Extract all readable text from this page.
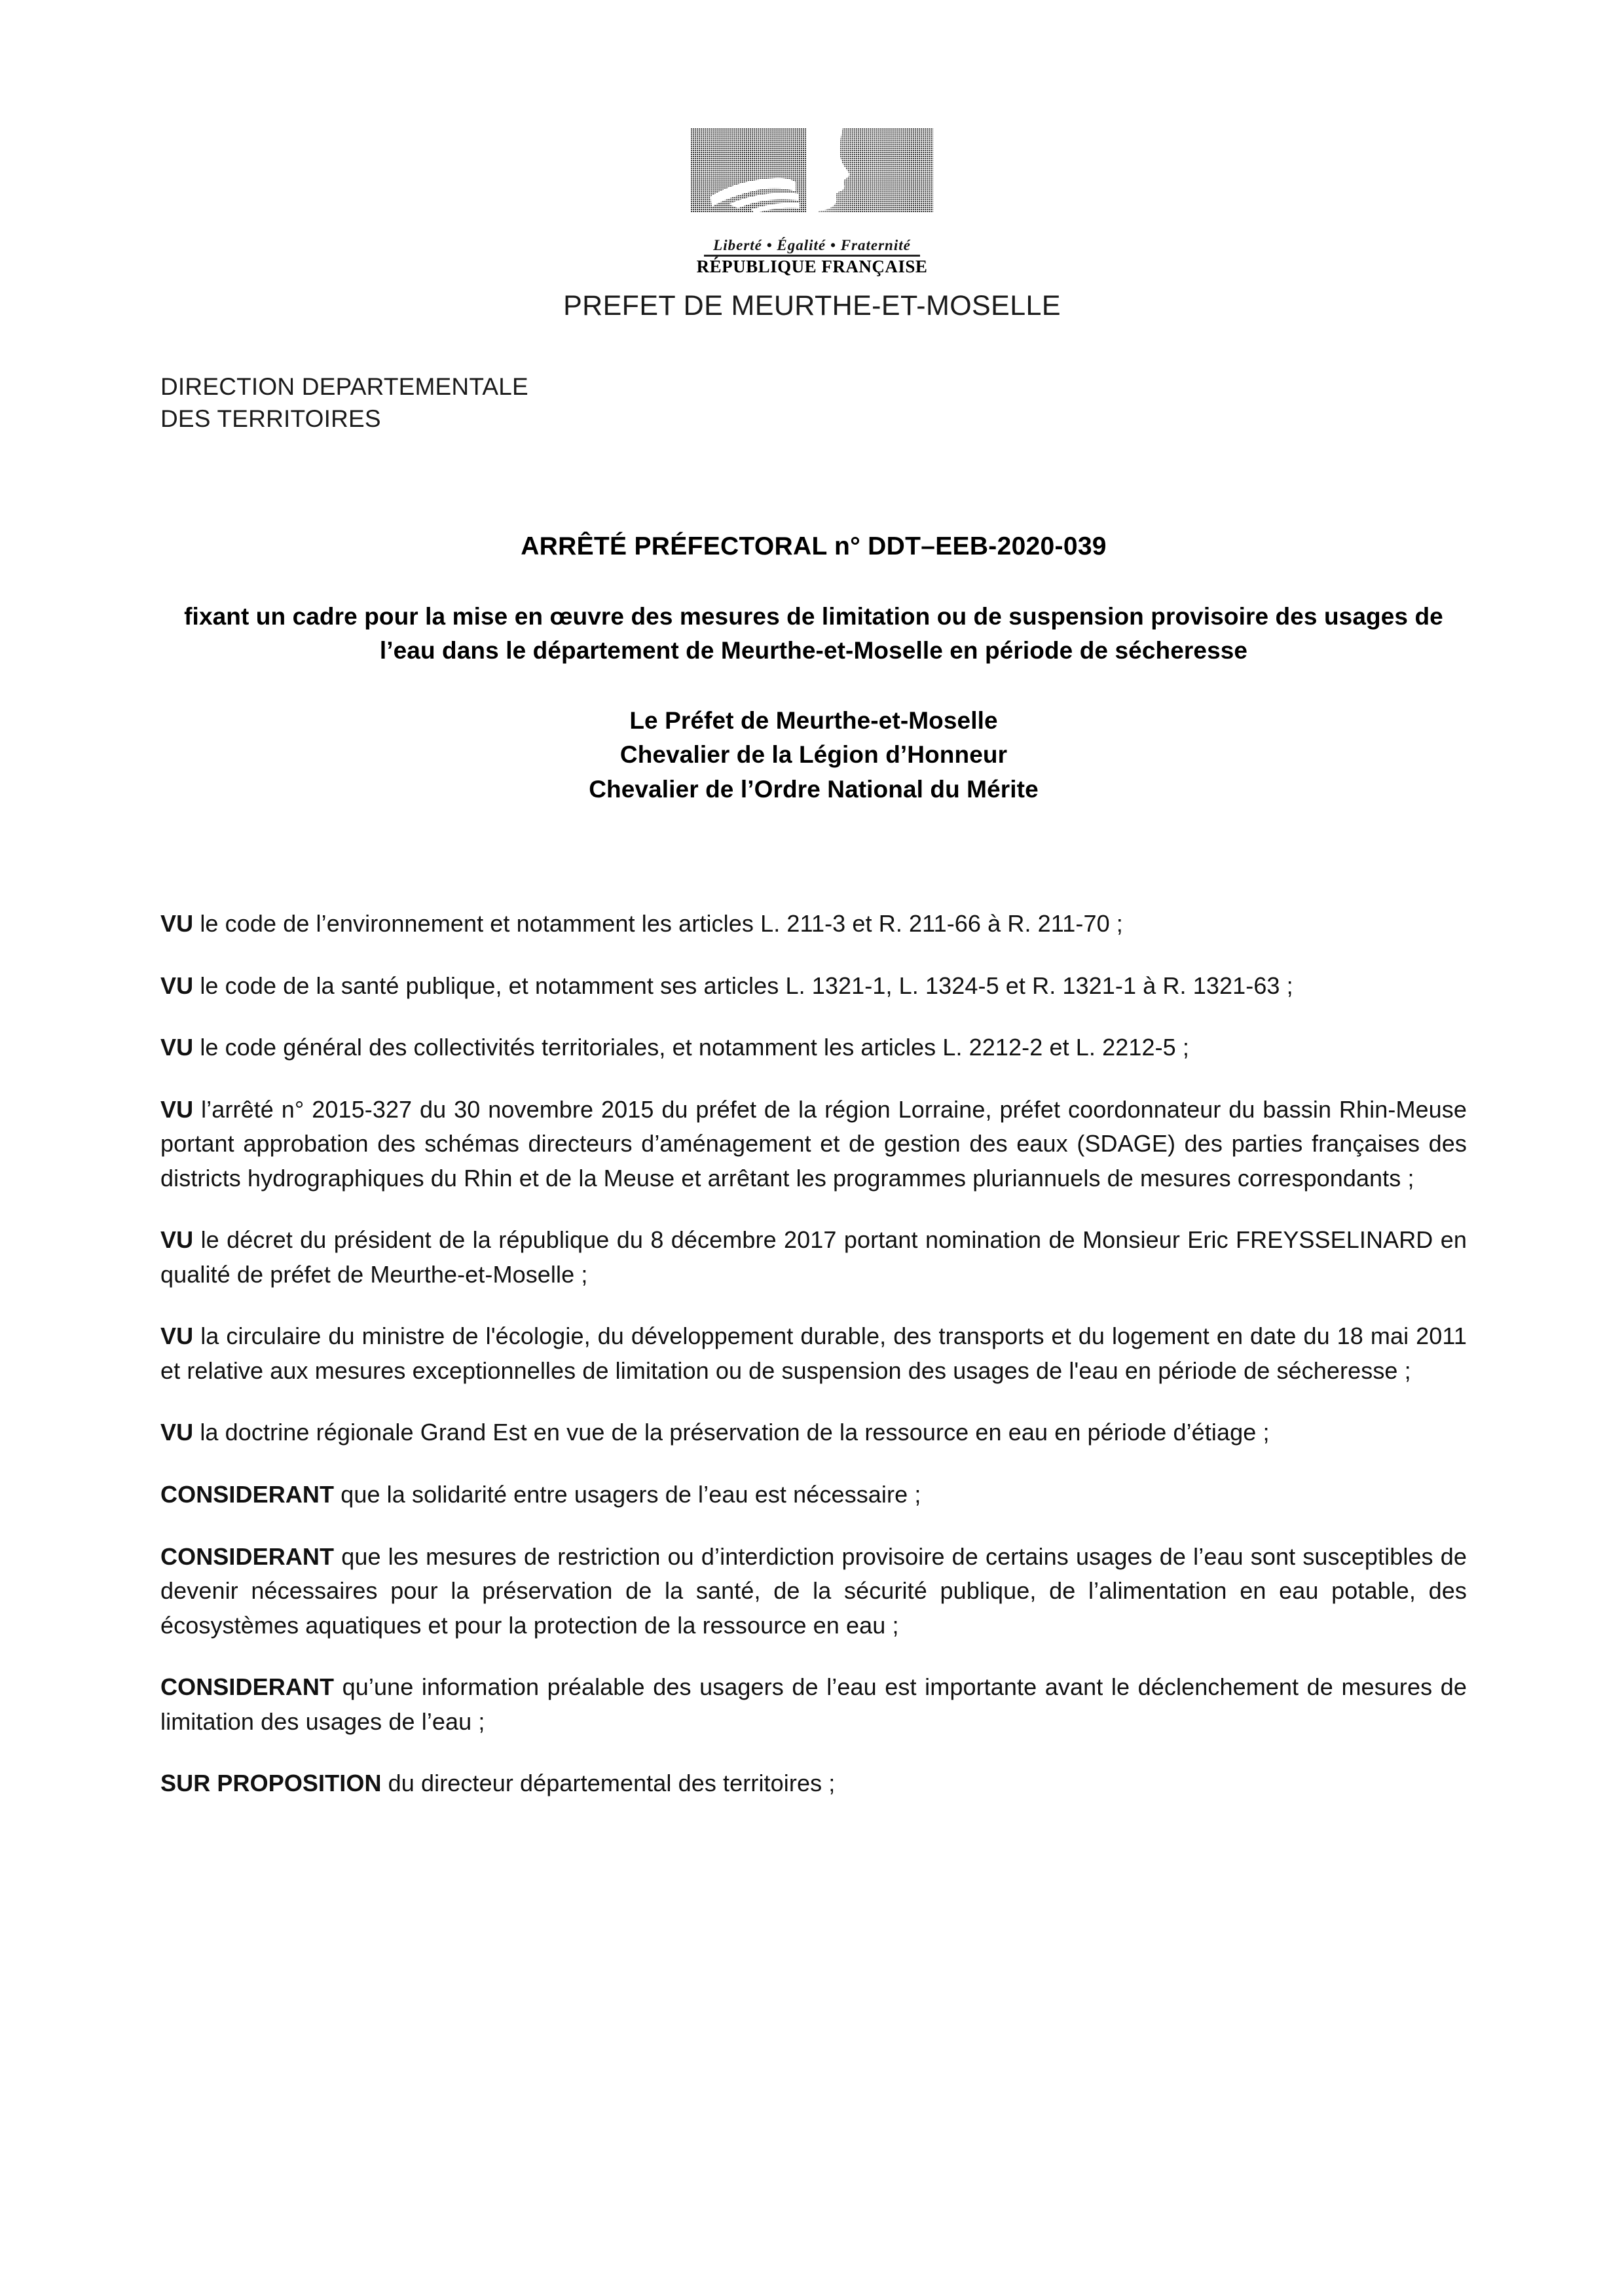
Liberté • Égalité • Fraternité
RÉPUBLIQUE FRANÇAISE
PREFET DE MEURTHE-ET-MOSELLE
DIRECTION DEPARTEMENTALE
DES TERRITOIRES
ARRÊTÉ PRÉFECTORAL n° DDT–EEB-2020-039
fixant un cadre pour la mise en œuvre des mesures de limitation ou de suspension provisoire des usages de l’eau dans le département de Meurthe-et-Moselle en période de sécheresse
Le Préfet de Meurthe-et-Moselle
Chevalier de la Légion d’Honneur
Chevalier de l’Ordre National du Mérite

VU le code de l’environnement et notamment les articles L. 211-3 et R. 211-66 à R. 211-70 ;

VU le code de la santé publique, et notamment ses articles L. 1321-1, L. 1324-5 et R. 1321-1 à R. 1321-63 ;

VU le code général des collectivités territoriales, et notamment les articles L. 2212-2 et L. 2212-5 ;

VU l’arrêté n° 2015-327 du 30 novembre 2015 du préfet de la région Lorraine, préfet coordonnateur du bassin Rhin-Meuse portant approbation des schémas directeurs d’aménagement et de gestion des eaux (SDAGE) des parties françaises des districts hydrographiques du Rhin et de la Meuse et arrêtant les programmes pluriannuels de mesures correspondants ;

VU le décret du président de la république du 8 décembre 2017 portant nomination de Monsieur Eric FREYSSELINARD en qualité de préfet de Meurthe-et-Moselle ;

VU la circulaire du ministre de l'écologie, du développement durable, des transports et du logement en date du 18 mai 2011 et relative aux mesures exceptionnelles de limitation ou de suspension des usages de l'eau en période de sécheresse ;

VU la doctrine régionale Grand Est en vue de la préservation de la ressource en eau en période d’étiage ;

CONSIDERANT que la solidarité entre usagers de l’eau est nécessaire ;

CONSIDERANT que les mesures de restriction ou d’interdiction provisoire de certains usages de l’eau sont susceptibles de devenir nécessaires pour la préservation de la santé, de la sécurité publique, de l’alimentation en eau potable, des écosystèmes aquatiques et pour la protection de la ressource en eau ;

CONSIDERANT qu’une information préalable des usagers de l’eau est importante avant le déclenchement de mesures de limitation des usages de l’eau ;

SUR PROPOSITION du directeur départemental des territoires ;
